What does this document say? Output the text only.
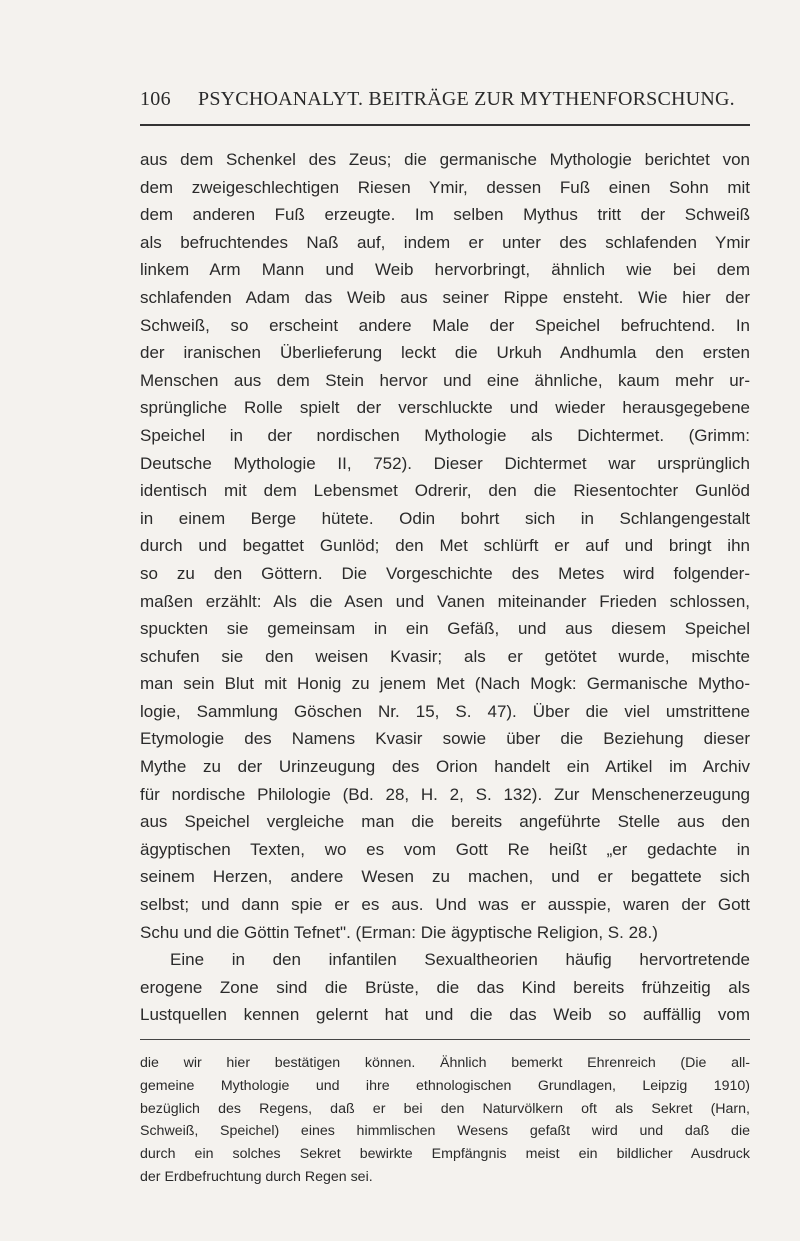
106	PSYCHOANALYT. BEITRÄGE ZUR MYTHENFORSCHUNG.
aus dem Schenkel des Zeus; die germanische Mythologie berichtet von
dem zweigeschlechtigen Riesen Ymir, dessen Fuß einen Sohn mit
dem anderen Fuß erzeugte. Im selben Mythus tritt der Schweiß
als befruchtendes Naß auf, indem er unter des schlafenden Ymir
linkem Arm Mann und Weib hervorbringt, ähnlich wie bei dem
schlafenden Adam das Weib aus seiner Rippe ensteht. Wie hier der
Schweiß, so erscheint andere Male der Speichel befruchtend. In
der iranischen Überlieferung leckt die Urkuh Andhumla den ersten
Menschen aus dem Stein hervor und eine ähnliche, kaum mehr ur-
sprüngliche Rolle spielt der verschluckte und wieder herausgegebene
Speichel in der nordischen Mythologie als Dichtermet. (Grimm:
Deutsche Mythologie II, 752). Dieser Dichtermet war ursprünglich
identisch mit dem Lebensmet Odrerir, den die Riesentochter Gunlöd
in einem Berge hütete. Odin bohrt sich in Schlangengestalt
durch und begattet Gunlöd; den Met schlürft er auf und bringt ihn
so zu den Göttern. Die Vorgeschichte des Metes wird folgender-
maßen erzählt: Als die Asen und Vanen miteinander Frieden schlossen,
spuckten sie gemeinsam in ein Gefäß, und aus diesem Speichel
schufen sie den weisen Kvasir; als er getötet wurde, mischte
man sein Blut mit Honig zu jenem Met (Nach Mogk: Germanische Mytho-
logie, Sammlung Göschen Nr. 15, S. 47). Über die viel umstrittene
Etymologie des Namens Kvasir sowie über die Beziehung dieser
Mythe zu der Urinzeugung des Orion handelt ein Artikel im Archiv
für nordische Philologie (Bd. 28, H. 2, S. 132). Zur Menschenerzeugung
aus Speichel vergleiche man die bereits angeführte Stelle aus den
ägyptischen Texten, wo es vom Gott Re heißt „er gedachte in
seinem Herzen, andere Wesen zu machen, und er begattete sich
selbst; und dann spie er es aus. Und was er ausspie, waren der Gott
Schu und die Göttin Tefnet". (Erman: Die ägyptische Religion, S. 28.)
Eine in den infantilen Sexualtheorien häufig hervortretende
erogene Zone sind die Brüste, die das Kind bereits frühzeitig als
Lustquellen kennen gelernt hat und die das Weib so auffällig vom
die wir hier bestätigen können. Ähnlich bemerkt Ehrenreich (Die all-
gemeine Mythologie und ihre ethnologischen Grundlagen, Leipzig 1910)
bezüglich des Regens, daß er bei den Naturvölkern oft als Sekret (Harn,
Schweiß, Speichel) eines himmlischen Wesens gefaßt wird und daß die
durch ein solches Sekret bewirkte Empfängnis meist ein bildlicher Ausdruck
der Erdbefruchtung durch Regen sei.
